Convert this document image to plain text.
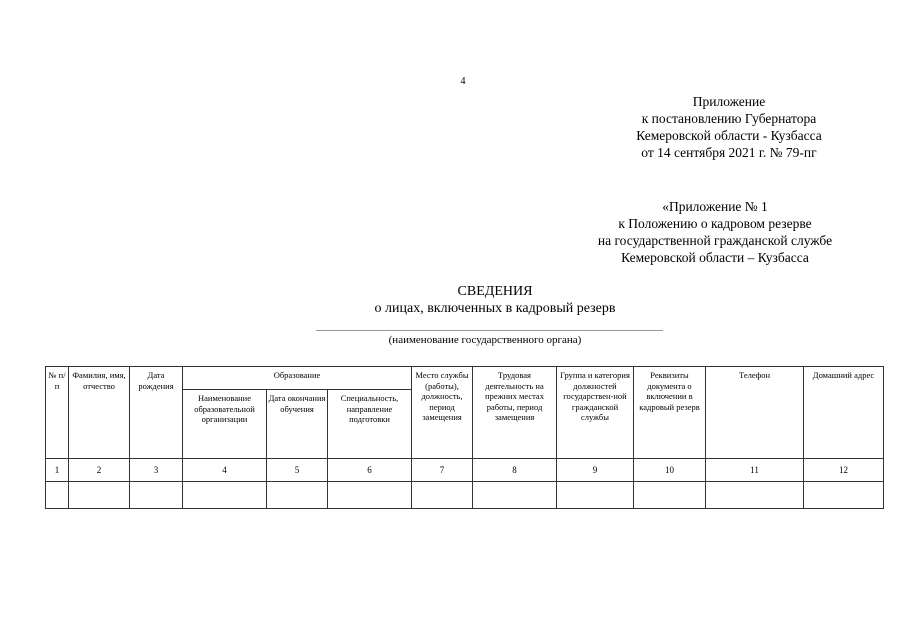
4
Приложение
к постановлению Губернатора
Кемеровской области - Кузбасса
от 14 сентября 2021 г. № 79-пг
«Приложение № 1
к Положению о кадровом резерве
на государственной гражданской службе
Кемеровской области – Кузбасса
СВЕДЕНИЯ
о лицах, включенных в кадровый резерв
(наименование государственного органа)
№ п/п	Фамилия, имя, отчество	Дата рождения	Образование			Место службы (работы), должность, период замещения	Трудовая деятельность на прежних местах работы, период замещения	Группа и категория должностей государствен-ной гражданской службы	Реквизиты документа о включении в кадровый резерв	Телефон	Домашний адрес
			Наименование образовательной организации	Дата окончания обучения	Специальность, направление подготовки						
1	2	3	4	5	6	7	8	9	10	11	12
